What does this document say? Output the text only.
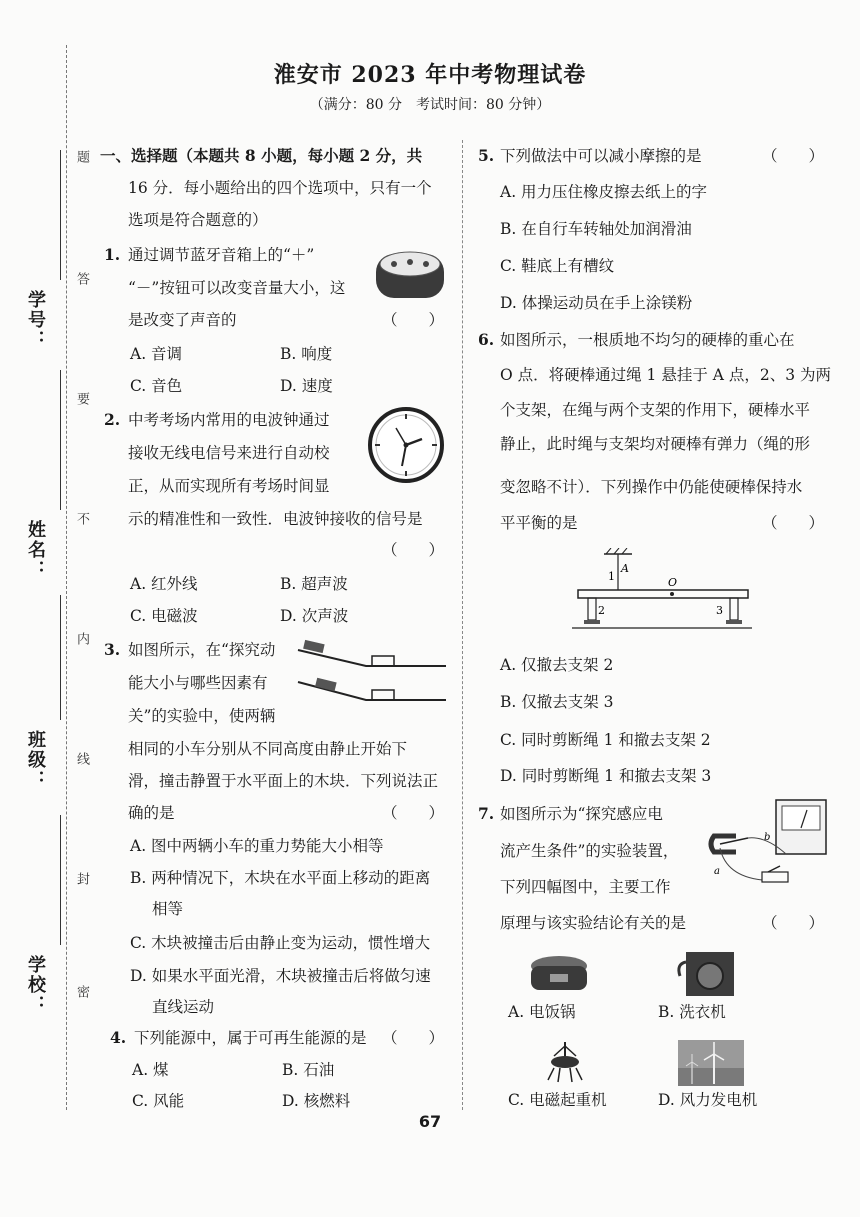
淮安市 2023 年中考物理试卷
（满分：80 分　考试时间：80 分钟）
学号：
姓名：
班级：
学校：
题
答
要
不
内
线
封
密
一、选择题（本题共 8 小题，每小题 2 分，共
16 分．每小题给出的四个选项中，只有一个
选项是符合题意的）
1. 通过调节蓝牙音箱上的“＋”
“－”按钮可以改变音量大小，这
是改变了声音的	（　　）
A. 音调	B. 响度
C. 音色	D. 速度
2. 中考考场内常用的电波钟通过
接收无线电信号来进行自动校
正，从而实现所有考场时间显
示的精准性和一致性．电波钟接收的信号是
（　　）
A. 红外线	B. 超声波
C. 电磁波	D. 次声波
3. 如图所示，在“探究动
能大小与哪些因素有
关”的实验中，使两辆
相同的小车分别从不同高度由静止开始下
滑，撞击静置于水平面上的木块．下列说法正
确的是	（　　）
A. 图中两辆小车的重力势能大小相等
B. 两种情况下，木块在水平面上移动的距离
相等
C. 木块被撞击后由静止变为运动，惯性增大
D. 如果水平面光滑，木块被撞击后将做匀速
直线运动
4. 下列能源中，属于可再生能源的是 （　　）
A. 煤	B. 石油
C. 风能	D. 核燃料
5. 下列做法中可以减小摩擦的是	（　　）
A. 用力压住橡皮擦去纸上的字
B. 在自行车转轴处加润滑油
C. 鞋底上有槽纹
D. 体操运动员在手上涂镁粉
6. 如图所示，一根质地不均匀的硬棒的重心在
O 点．将硬棒通过绳 1 悬挂于 A 点，2、3 为两
个支架，在绳与两个支架的作用下，硬棒水平
静止，此时绳与支架均对硬棒有弹力（绳的形
变忽略不计）．下列操作中仍能使硬棒保持水
平平衡的是	（　　）
1
A
O
2	3
A. 仅撤去支架 2
B. 仅撤去支架 3
C. 同时剪断绳 1 和撤去支架 2
D. 同时剪断绳 1 和撤去支架 3
7. 如图所示为“探究感应电
流产生条件”的实验装置，
下列四幅图中，主要工作
原理与该实验结论有关的是	（　　）
b
a
A. 电饭锅	B. 洗衣机
C. 电磁起重机	D. 风力发电机
67
